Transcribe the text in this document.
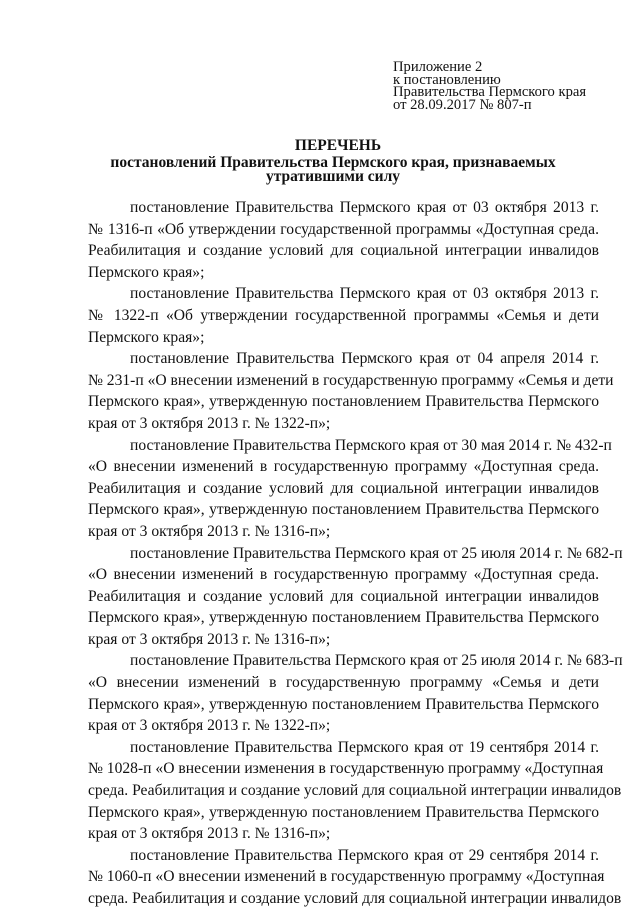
Приложение 2
к постановлению
Правительства Пермского края
от 28.09.2017 № 807-п
ПЕРЕЧЕНЬ
постановлений Правительства Пермского края, признаваемых
утратившими силу
постановление Правительства Пермского края от 03 октября 2013 г.
№ 1316-п «Об утверждении государственной программы «Доступная среда.
Реабилитация и создание условий для социальной интеграции инвалидов
Пермского края»;
постановление Правительства Пермского края от 03 октября 2013 г.
№ 1322-п «Об утверждении государственной программы «Семья и дети
Пермского края»;
постановление Правительства Пермского края от 04 апреля 2014 г.
№ 231-п «О внесении изменений в государственную программу «Семья и дети
Пермского края», утвержденную постановлением Правительства Пермского
края от 3 октября 2013 г. № 1322-п»;
постановление Правительства Пермского края от 30 мая 2014 г. № 432-п
«О внесении изменений в государственную программу «Доступная среда.
Реабилитация и создание условий для социальной интеграции инвалидов
Пермского края», утвержденную постановлением Правительства Пермского
края от 3 октября 2013 г. № 1316-п»;
постановление Правительства Пермского края от 25 июля 2014 г. № 682-п
«О внесении изменений в государственную программу «Доступная среда.
Реабилитация и создание условий для социальной интеграции инвалидов
Пермского края», утвержденную постановлением Правительства Пермского
края от 3 октября 2013 г. № 1316-п»;
постановление Правительства Пермского края от 25 июля 2014 г. № 683-п
«О внесении изменений в государственную программу «Семья и дети
Пермского края», утвержденную постановлением Правительства Пермского
края от 3 октября 2013 г. № 1322-п»;
постановление Правительства Пермского края от 19 сентября 2014 г.
№ 1028-п «О внесении изменения в государственную программу «Доступная
среда. Реабилитация и создание условий для социальной интеграции инвалидов
Пермского края», утвержденную постановлением Правительства Пермского
края от 3 октября 2013 г. № 1316-п»;
постановление Правительства Пермского края от 29 сентября 2014 г.
№ 1060-п «О внесении изменений в государственную программу «Доступная
среда. Реабилитация и создание условий для социальной интеграции инвалидов
